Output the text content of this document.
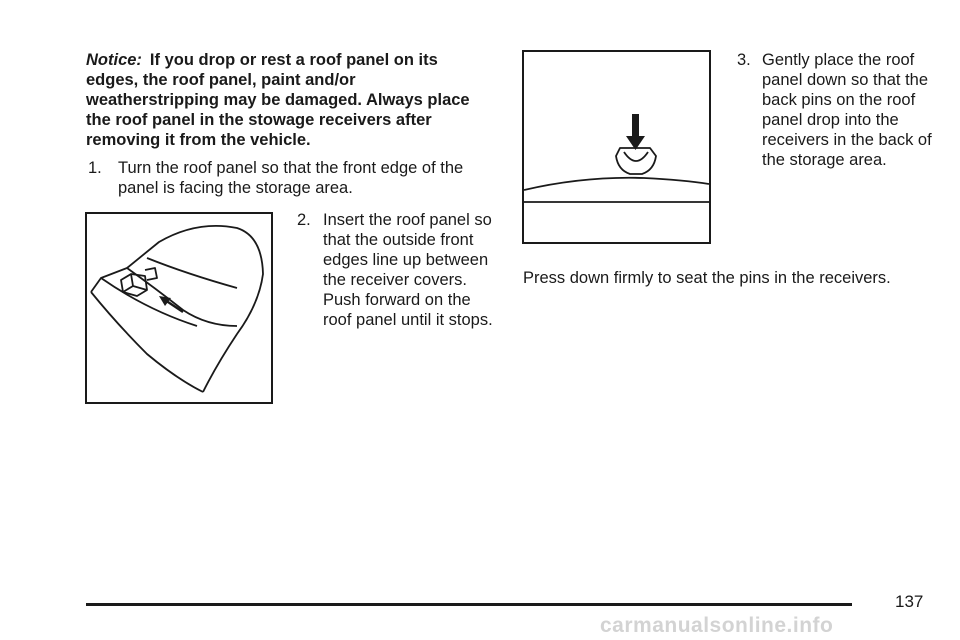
Notice: If you drop or rest a roof panel on its edges, the roof panel, paint and/or weatherstripping may be damaged. Always place the roof panel in the stowage receivers after removing it from the vehicle.
1. Turn the roof panel so that the front edge of the panel is facing the storage area.
2. Insert the roof panel so that the outside front edges line up between the receiver covers. Push forward on the roof panel until it stops.
3. Gently place the roof panel down so that the back pins on the roof panel drop into the receivers in the back of the storage area.
Press down firmly to seat the pins in the receivers.
137
carmanualsonline.info
